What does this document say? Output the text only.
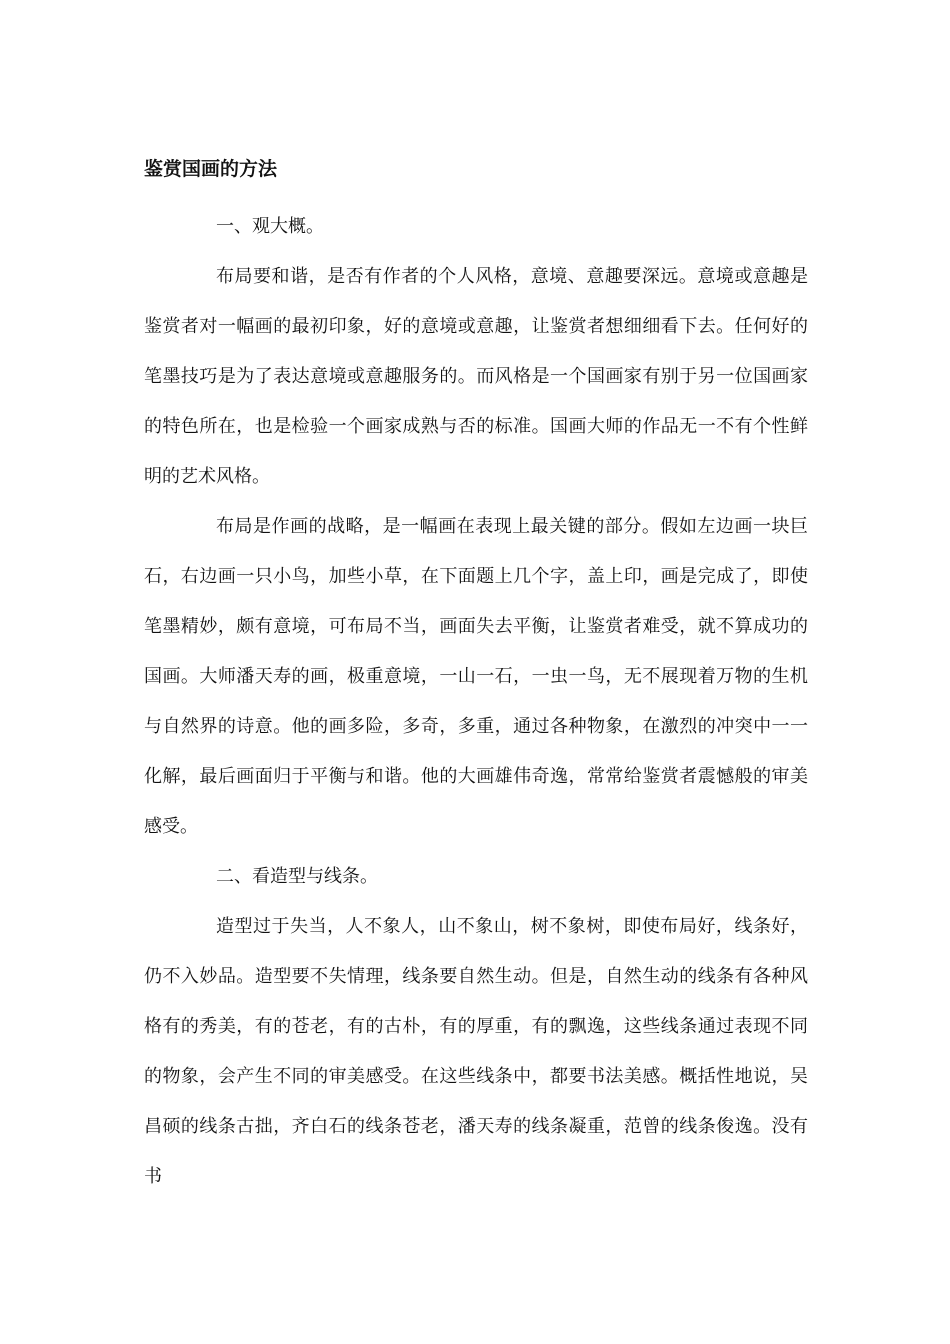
鉴赏国画的方法

一、观大概。

布局要和谐，是否有作者的个人风格，意境、意趣要深远。意境或意趣是鉴赏者对一幅画的最初印象，好的意境或意趣，让鉴赏者想细细看下去。任何好的笔墨技巧是为了表达意境或意趣服务的。而风格是一个国画家有别于另一位国画家的特色所在，也是检验一个画家成熟与否的标准。国画大师的作品无一不有个性鲜明的艺术风格。

布局是作画的战略，是一幅画在表现上最关键的部分。假如左边画一块巨石，右边画一只小鸟，加些小草，在下面题上几个字，盖上印，画是完成了，即使笔墨精妙，颇有意境，可布局不当，画面失去平衡，让鉴赏者难受，就不算成功的国画。大师潘天寿的画，极重意境，一山一石，一虫一鸟，无不展现着万物的生机与自然界的诗意。他的画多险，多奇，多重，通过各种物象，在激烈的冲突中一一化解，最后画面归于平衡与和谐。他的大画雄伟奇逸，常常给鉴赏者震憾般的审美感受。

二、看造型与线条。

造型过于失当，人不象人，山不象山，树不象树，即使布局好，线条好，仍不入妙品。造型要不失情理，线条要自然生动。但是，自然生动的线条有各种风格有的秀美，有的苍老，有的古朴，有的厚重，有的飘逸，这些线条通过表现不同的物象，会产生不同的审美感受。在这些线条中，都要书法美感。概括性地说，吴昌硕的线条古拙，齐白石的线条苍老，潘天寿的线条凝重，范曾的线条俊逸。没有书
